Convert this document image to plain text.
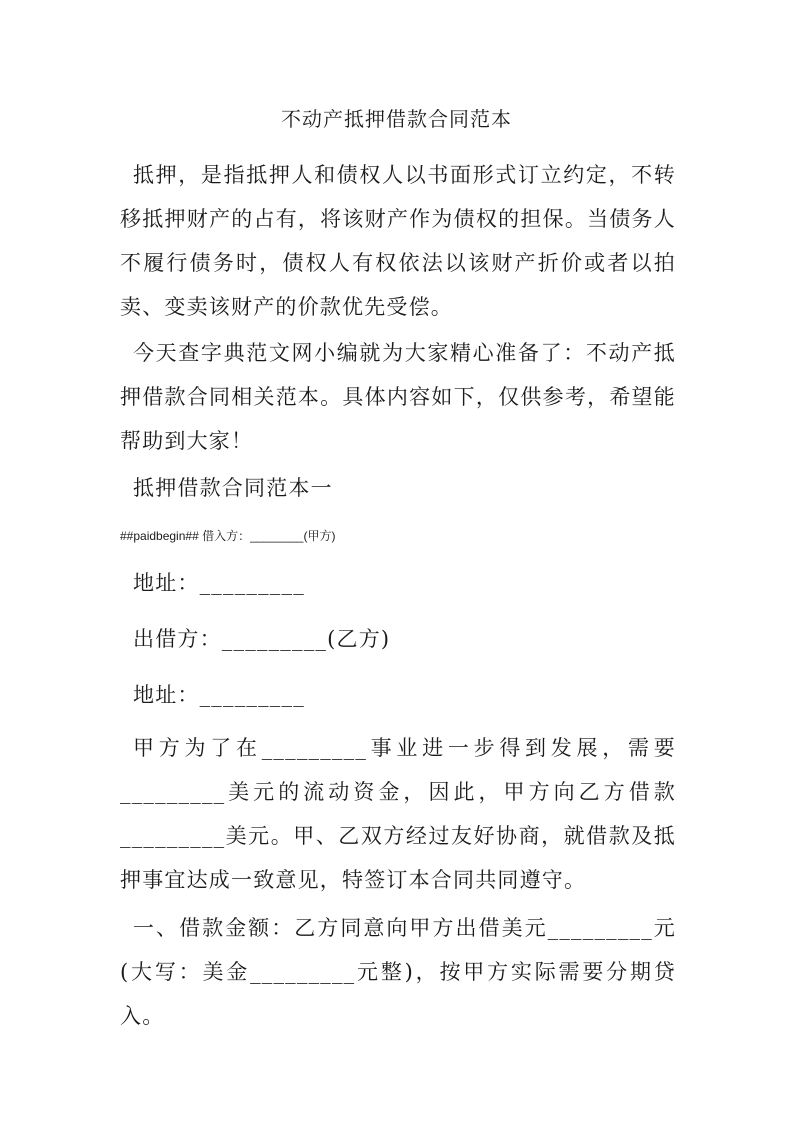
不动产抵押借款合同范本
抵押，是指抵押人和债权人以书面形式订立约定，不转移抵押财产的占有，将该财产作为债权的担保。当债务人不履行债务时，债权人有权依法以该财产折价或者以拍卖、变卖该财产的价款优先受偿。
今天查字典范文网小编就为大家精心准备了：不动产抵押借款合同相关范本。具体内容如下，仅供参考，希望能帮助到大家！
抵押借款合同范本一
##paidbegin## 借入方：________(甲方)
地址：_________
出借方：_________(乙方)
地址：_________
甲方为了在_________事业进一步得到发展，需要_________美元的流动资金，因此，甲方向乙方借款_________美元。甲、乙双方经过友好协商，就借款及抵押事宜达成一致意见，特签订本合同共同遵守。
一、借款金额：乙方同意向甲方出借美元_________元(大写：美金_________元整)，按甲方实际需要分期贷入。
